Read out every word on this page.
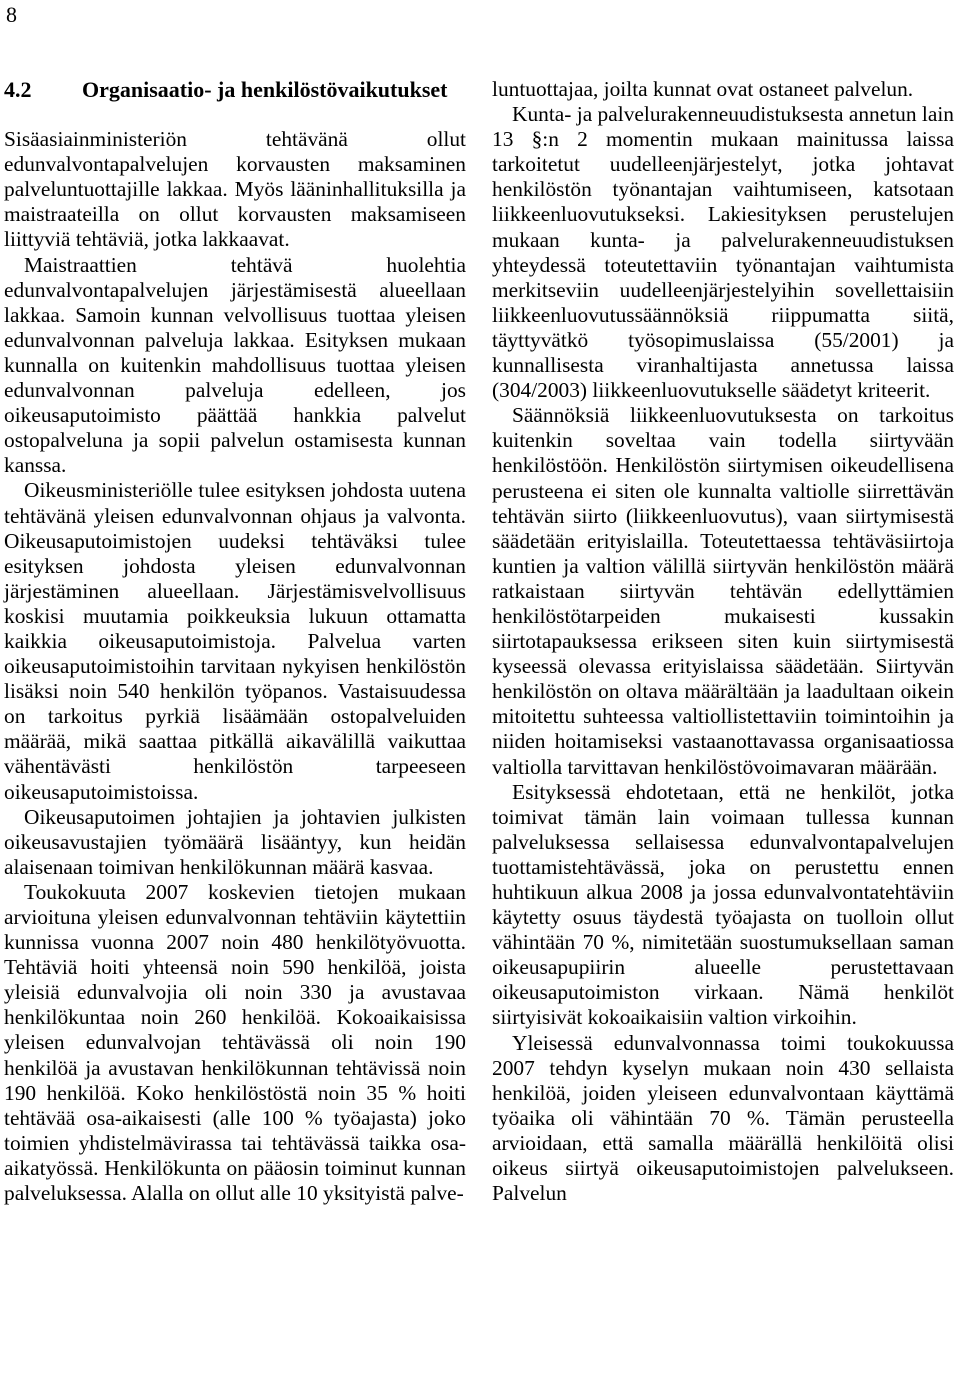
8
4.2	Organisaatio- ja henkilöstövaikutukset

Sisäasiainministeriön tehtävänä ollut edunvalvontapalvelujen korvausten maksaminen palveluntuottajille lakkaa. Myös lääninhallituksilla ja maistraateilla on ollut korvausten maksamiseen liittyviä tehtäviä, jotka lakkaavat.

Maistraattien tehtävä huolehtia edunvalvontapalvelujen järjestämisestä alueellaan lakkaa. Samoin kunnan velvollisuus tuottaa yleisen edunvalvonnan palveluja lakkaa. Esityksen mukaan kunnalla on kuitenkin mahdollisuus tuottaa yleisen edunvalvonnan palveluja edelleen, jos oikeusaputoimisto päättää hankkia palvelut ostopalveluna ja sopii palvelun ostamisesta kunnan kanssa.

Oikeusministeriölle tulee esityksen johdosta uutena tehtävänä yleisen edunvalvonnan ohjaus ja valvonta. Oikeusaputoimistojen uudeksi tehtäväksi tulee esityksen johdosta yleisen edunvalvonnan järjestäminen alueellaan. Järjestämisvelvollisuus koskisi muutamia poikkeuksia lukuun ottamatta kaikkia oikeusaputoimistoja. Palvelua varten oikeusaputoimistoihin tarvitaan nykyisen henkilöstön lisäksi noin 540 henkilön työpanos. Vastaisuudessa on tarkoitus pyrkiä lisäämään ostopalveluiden määrää, mikä saattaa pitkällä aikavälillä vaikuttaa vähentävästi henkilöstön tarpeeseen oikeusaputoimistoissa.

Oikeusaputoimen johtajien ja johtavien julkisten oikeusavustajien työmäärä lisääntyy, kun heidän alaisenaan toimivan henkilökunnan määrä kasvaa.

Toukokuuta 2007 koskevien tietojen mukaan arvioituna yleisen edunvalvonnan tehtäviin käytettiin kunnissa vuonna 2007 noin 480 henkilötyövuotta. Tehtäviä hoiti yhteensä noin 590 henkilöä, joista yleisiä edunvalvojia oli noin 330 ja avustavaa henkilökuntaa noin 260 henkilöä. Kokoaikaisissa yleisen edunvalvojan tehtävässä oli noin 190 henkilöä ja avustavan henkilökunnan tehtävissä noin 190 henkilöä. Koko henkilöstöstä noin 35 % hoiti tehtävää osa-aikaisesti (alle 100 % työajasta) joko toimien yhdistelmävirassa tai tehtävässä taikka osa-aikatyössä. Henkilökunta on pääosin toiminut kunnan palveluksessa. Alalla on ollut alle 10 yksityistä palve-

luntuottajaa, joilta kunnat ovat ostaneet palvelun.

Kunta- ja palvelurakenneuudistuksesta annetun lain 13 §:n 2 momentin mukaan mainitussa laissa tarkoitetut uudelleenjärjestelyt, jotka johtavat henkilöstön työnantajan vaihtumiseen, katsotaan liikkeenluovutukseksi. Lakiesityksen perustelujen mukaan kunta- ja palvelurakenneuudistuksen yhteydessä toteutettaviin työnantajan vaihtumista merkitseviin uudelleenjärjestelyihin sovellettaisiin liikkeenluovutussäännöksiä riippumatta siitä, täyttyvätkö työsopimuslaissa (55/2001) ja kunnallisesta viranhaltijasta annetussa laissa (304/2003) liikkeenluovutukselle säädetyt kriteerit.

Säännöksiä liikkeenluovutuksesta on tarkoitus kuitenkin soveltaa vain todella siirtyvään henkilöstöön. Henkilöstön siirtymisen oikeudellisena perusteena ei siten ole kunnalta valtiolle siirrettävän tehtävän siirto (liikkeenluovutus), vaan siirtymisestä säädetään erityislailla. Toteutettaessa tehtäväsiirtoja kuntien ja valtion välillä siirtyvän henkilöstön määrä ratkaistaan siirtyvän tehtävän edellyttämien henkilöstötarpeiden mukaisesti kussakin siirtotapauksessa erikseen siten kuin siirtymisestä kyseessä olevassa erityislaissa säädetään. Siirtyvän henkilöstön on oltava määrältään ja laadultaan oikein mitoitettu suhteessa valtiollistettaviin toimintoihin ja niiden hoitamiseksi vastaanottavassa organisaatiossa valtiolla tarvittavan henkilöstövoimavaran määrään.

Esityksessä ehdotetaan, että ne henkilöt, jotka toimivat tämän lain voimaan tullessa kunnan palveluksessa sellaisessa edunvalvontapalvelujen tuottamistehtävässä, joka on perustettu ennen huhtikuun alkua 2008 ja jossa edunvalvontatehtäviin käytetty osuus täydestä työajasta on tuolloin ollut vähintään 70 %, nimitetään suostumuksellaan saman oikeusapupiirin alueelle perustettavaan oikeusaputoimiston virkaan. Nämä henkilöt siirtyisivät kokoaikaisiin valtion virkoihin.

Yleisessä edunvalvonnassa toimi toukokuussa 2007 tehdyn kyselyn mukaan noin 430 sellaista henkilöä, joiden yleiseen edunvalvontaan käyttämä työaika oli vähintään 70 %. Tämän perusteella arvioidaan, että samalla määrällä henkilöitä olisi oikeus siirtyä oikeusaputoimistojen palvelukseen. Palvelun
